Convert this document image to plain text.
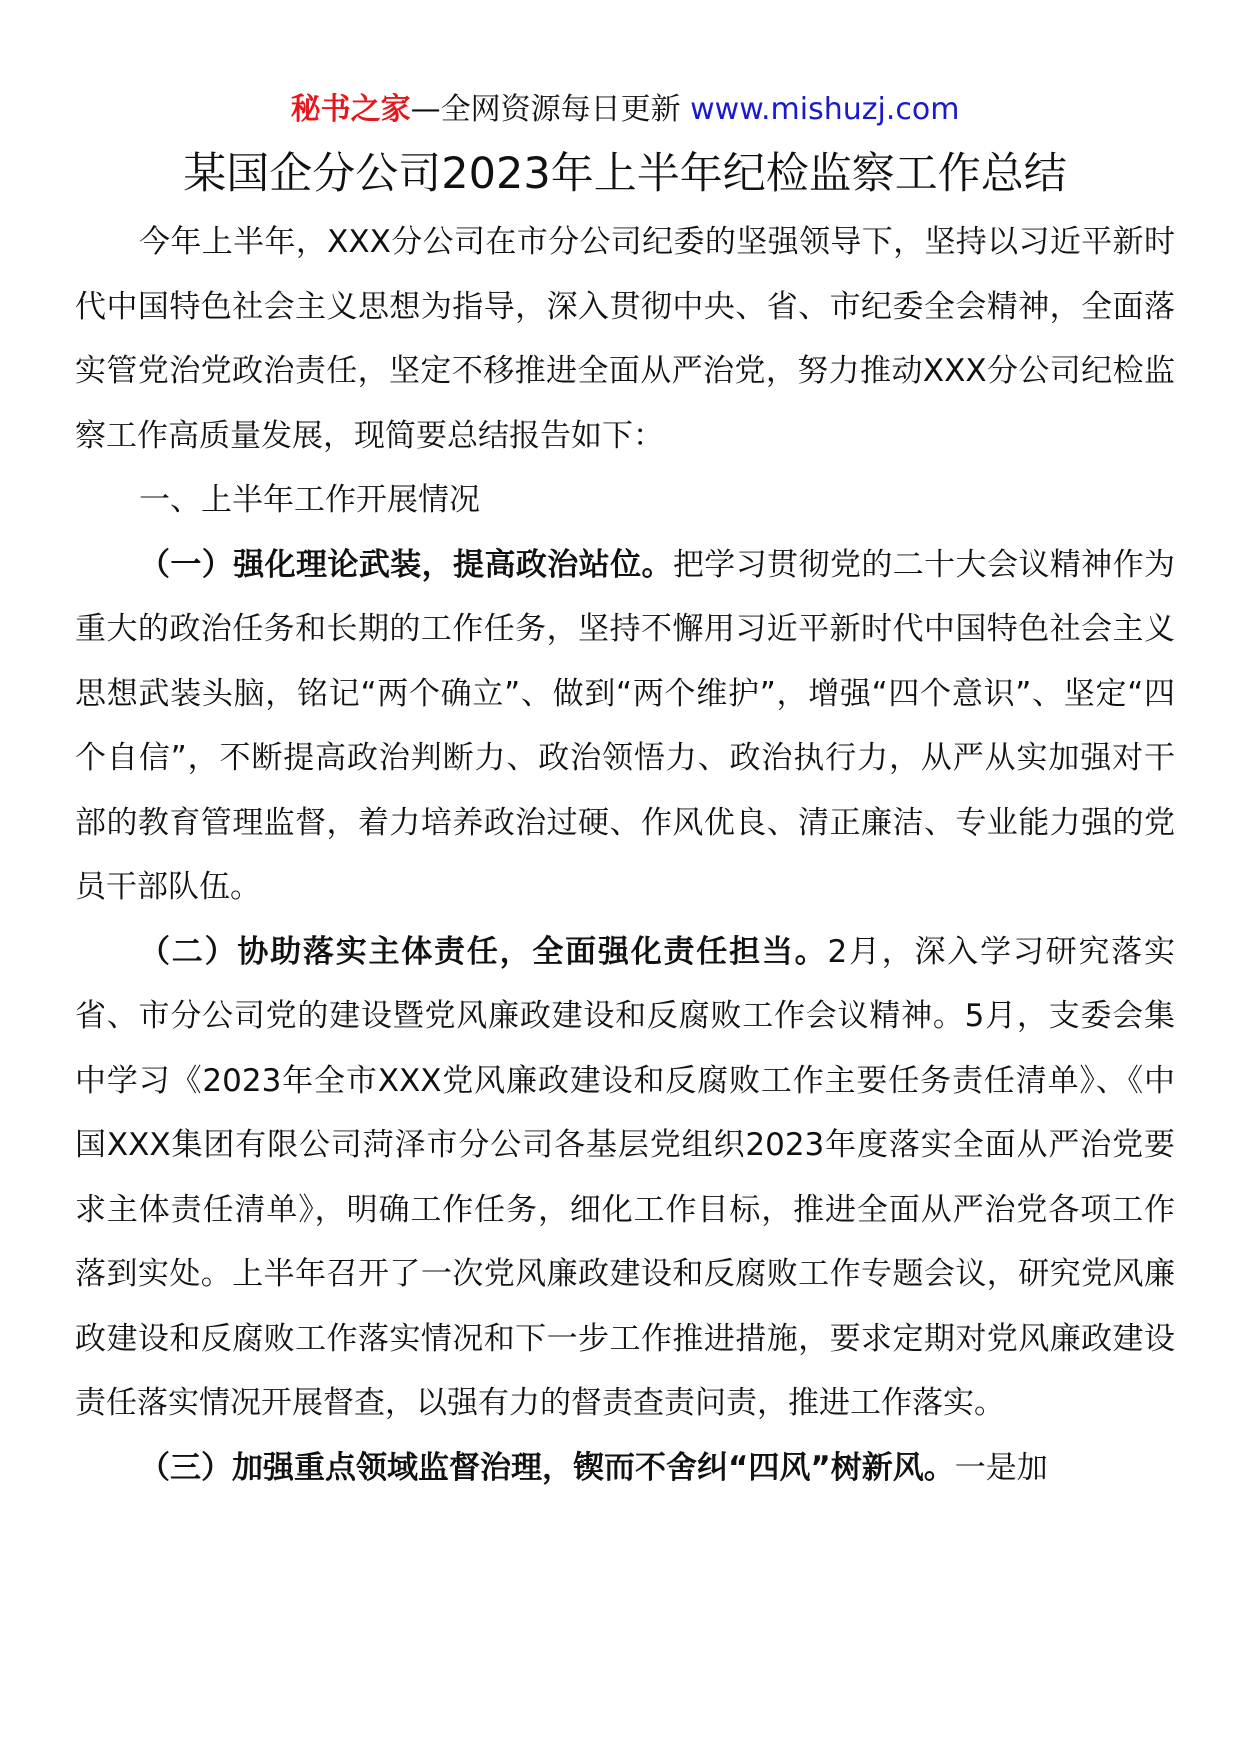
秘书之家—全网资源每日更新 www.mishuzj.com
某国企分公司2023年上半年纪检监察工作总结

今年上半年，XXX分公司在市分公司纪委的坚强领导下，坚持以习近平新时代中国特色社会主义思想为指导，深入贯彻中央、省、市纪委全会精神，全面落实管党治党政治责任，坚定不移推进全面从严治党，努力推动XXX分公司纪检监察工作高质量发展，现简要总结报告如下：

一、上半年工作开展情况

（一）强化理论武装，提高政治站位。把学习贯彻党的二十大会议精神作为重大的政治任务和长期的工作任务，坚持不懈用习近平新时代中国特色社会主义思想武装头脑，铭记“两个确立”、做到“两个维护”，增强“四个意识”、坚定“四个自信”，不断提高政治判断力、政治领悟力、政治执行力，从严从实加强对干部的教育管理监督，着力培养政治过硬、作风优良、清正廉洁、专业能力强的党员干部队伍。

（二）协助落实主体责任，全面强化责任担当。2月，深入学习研究落实省、市分公司党的建设暨党风廉政建设和反腐败工作会议精神。5月，支委会集中学习《2023年全市XXX党风廉政建设和反腐败工作主要任务责任清单》、《中国XXX集团有限公司菏泽市分公司各基层党组织2023年度落实全面从严治党要求主体责任清单》，明确工作任务，细化工作目标，推进全面从严治党各项工作落到实处。上半年召开了一次党风廉政建设和反腐败工作专题会议，研究党风廉政建设和反腐败工作落实情况和下一步工作推进措施，要求定期对党风廉政建设责任落实情况开展督查，以强有力的督责查责问责，推进工作落实。

（三）加强重点领域监督治理，锲而不舍纠“四风”树新风。一是加
